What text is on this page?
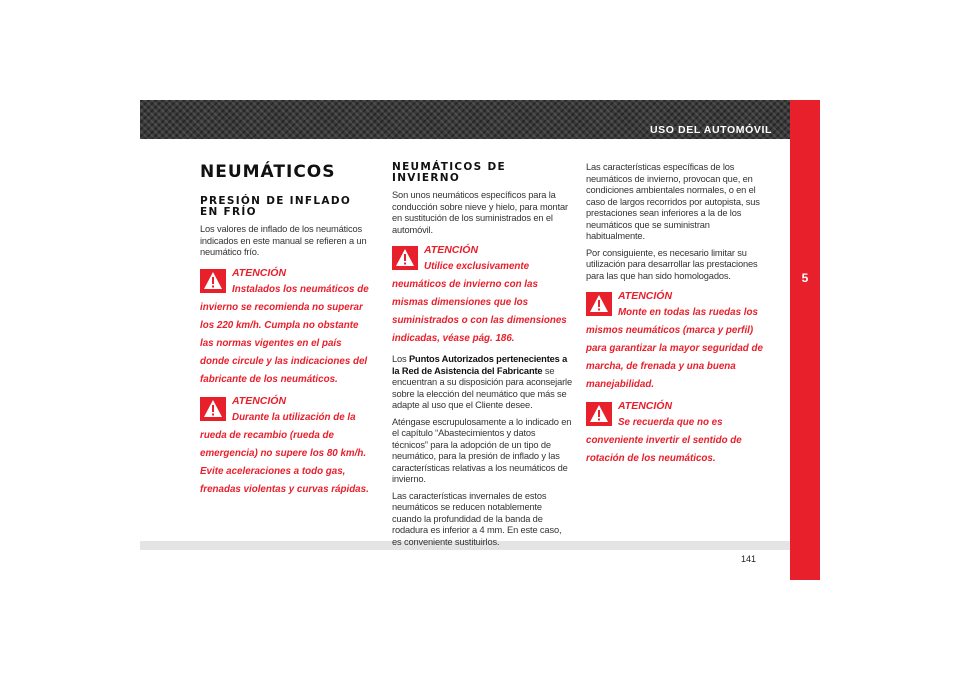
USO DEL AUTOMÓVIL
5
141
NEUMÁTICOS
PRESIÓN DE INFLADO EN FRÍO

Los valores de inflado de los neumáticos indicados en este manual se refieren a un neumático frío.

ATENCIÓN
Instalados los neumáticos de invierno se recomienda no superar los 220 km/h. Cumpla no obstante las normas vigentes en el país donde circule y las indicaciones del fabricante de los neumáticos.
ATENCIÓN
Durante la utilización de la rueda de recambio (rueda de emergencia) no supere los 80 km/h. Evite aceleraciones a todo gas, frenadas violentas y curvas rápidas.
NEUMÁTICOS DE INVIERNO

Son unos neumáticos específicos para la conducción sobre nieve y hielo, para montar en sustitución de los suministrados en el automóvil.

ATENCIÓN
Utilice exclusivamente neumáticos de invierno con las mismas dimensiones que los suministrados o con las dimensiones indicadas, véase pág. 186.

Los Puntos Autorizados pertenecientes a la Red de Asistencia del Fabricante se encuentran a su disposición para aconsejarle sobre la elección del neumático que más se adapte al uso que el Cliente desee.

Aténgase escrupulosamente a lo indicado en el capítulo “Abastecimientos y datos técnicos” para la adopción de un tipo de neumático, para la presión de inflado y las características relativas a los neumáticos de invierno.

Las características invernales de estos neumáticos se reducen notablemente cuando la profundidad de la banda de rodadura es inferior a 4 mm. En este caso, es conveniente sustituirlos.

Las características específicas de los neumáticos de invierno, provocan que, en condiciones ambientales normales, o en el caso de largos recorridos por autopista, sus prestaciones sean inferiores a la de los neumáticos que se suministran habitualmente.

Por consiguiente, es necesario limitar su utilización para desarrollar las prestaciones para las que han sido homologados.

ATENCIÓN
Monte en todas las ruedas los mismos neumáticos (marca y perfil) para garantizar la mayor seguridad de marcha, de frenada y una buena manejabilidad.
ATENCIÓN
Se recuerda que no es conveniente invertir el sentido de rotación de los neumáticos.
